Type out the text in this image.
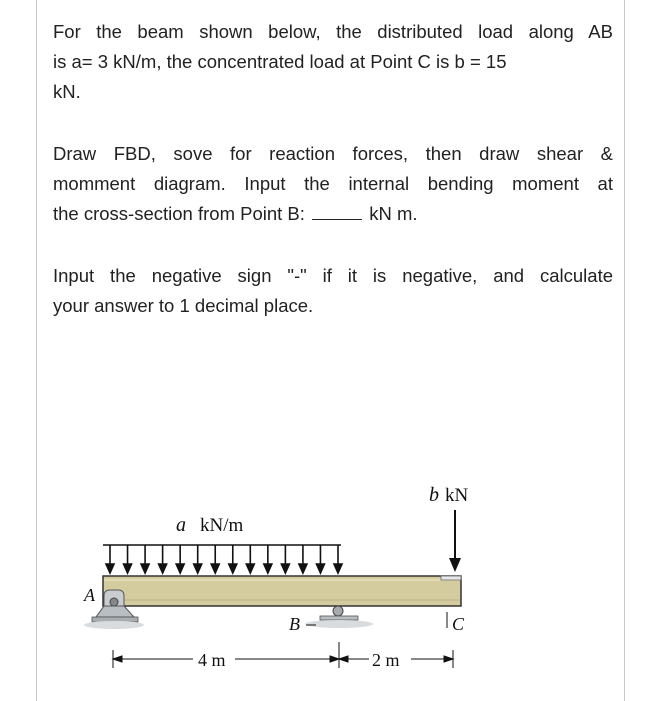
For the beam shown below, the distributed load along AB
is a= 3 kN/m, the concentrated load at Point C is b = 15
kN.
Draw FBD, sove for reaction forces, then draw shear &
momment diagram. Input the internal bending moment at
the cross-section from Point B:	kN m.
Input the negative sign "-" if it is negative, and calculate
your answer to 1 decimal place.
a kN/m
b kN
A
B	C
4 m	2 m
